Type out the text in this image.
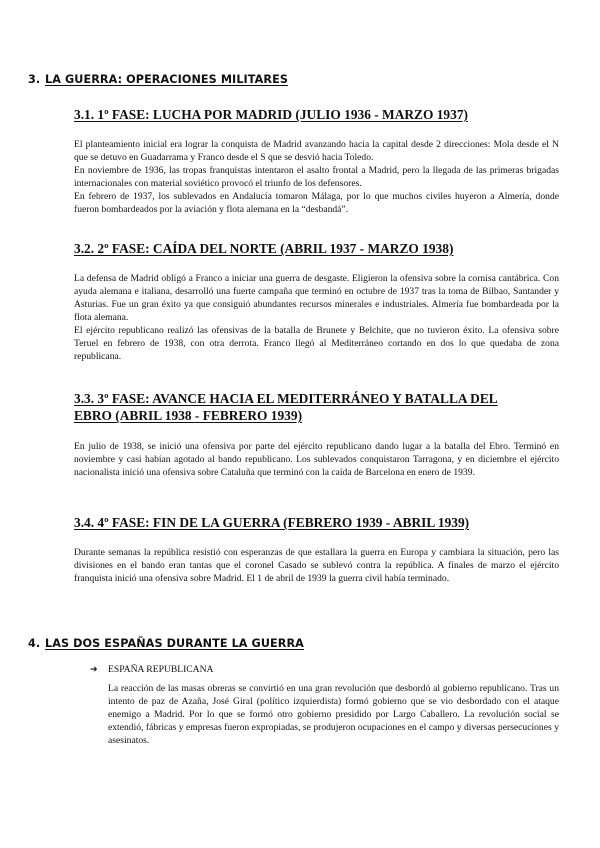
3. LA GUERRA: OPERACIONES MILITARES
3.1. 1º FASE: LUCHA POR MADRID (JULIO 1936 - MARZO 1937)

El planteamiento inicial era lograr la conquista de Madrid avanzando hacia la capital desde 2 direcciones: Mola desde el N que se detuvo en Guadarrama y Franco desde el S que se desvió hacia Toledo.

En noviembre de 1936, las tropas franquistas intentaron el asalto frontal a Madrid, pero la llegada de las primeras brigadas internacionales con material soviético provocó el triunfo de los defensores.

En febrero de 1937, los sublevados en Andalucía tomaron Málaga, por lo que muchos civiles huyeron a Almería, donde fueron bombardeados por la aviación y flota alemana en la “desbandá”.

3.2. 2º FASE: CAÍDA DEL NORTE (ABRIL 1937 - MARZO 1938)

La defensa de Madrid obligó a Franco a iniciar una guerra de desgaste. Eligieron la ofensiva sobre la cornisa cantábrica. Con ayuda alemana e italiana, desarrolló una fuerte campaña que terminó en octubre de 1937 tras la toma de Bilbao, Santander y Asturias. Fue un gran éxito ya que consiguió abundantes recursos minerales e industriales. Almería fue bombardeada por la flota alemana.

El ejército republicano realizó las ofensivas de la batalla de Brunete y Belchite, que no tuvieron éxito. La ofensiva sobre Teruel en febrero de 1938, con otra derrota. Franco llegó al Mediterráneo cortando en dos lo que quedaba de zona republicana.

3.3. 3º FASE: AVANCE HACIA EL MEDITERRÁNEO Y BATALLA DEL EBRO (ABRIL 1938 - FEBRERO 1939)

En julio de 1938, se inició una ofensiva por parte del ejército republicano dando lugar a la batalla del Ebro. Terminó en noviembre y casi habían agotado al bando republicano. Los sublevados conquistaron Tarragona, y en diciembre el ejército nacionalista inició una ofensiva sobre Cataluña que terminó con la caída de Barcelona en enero de 1939.

3.4. 4º FASE: FIN DE LA GUERRA (FEBRERO 1939 - ABRIL 1939)

Durante semanas la república resistió con esperanzas de que estallara la guerra en Europa y cambiara la situación, pero las divisiones en el bando eran tantas que el coronel Casado se sublevó contra la república. A finales de marzo el ejército franquista inició una ofensiva sobre Madrid. El 1 de abril de 1939 la guerra civil había terminado.

4. LAS DOS ESPAÑAS DURANTE LA GUERRA
➔ ESPAÑA REPUBLICANA

La reacción de las masas obreras se convirtió en una gran revolución que desbordó al gobierno republicano. Tras un intento de paz de Azaña, José Giral (político izquierdista) formó gobierno que se vio desbordado con el ataque enemigo a Madrid. Por lo que se formó otro gobierno presidido por Largo Caballero. La revolución social se extendió, fábricas y empresas fueron expropiadas, se produjeron ocupaciones en el campo y diversas persecuciones y asesinatos.
